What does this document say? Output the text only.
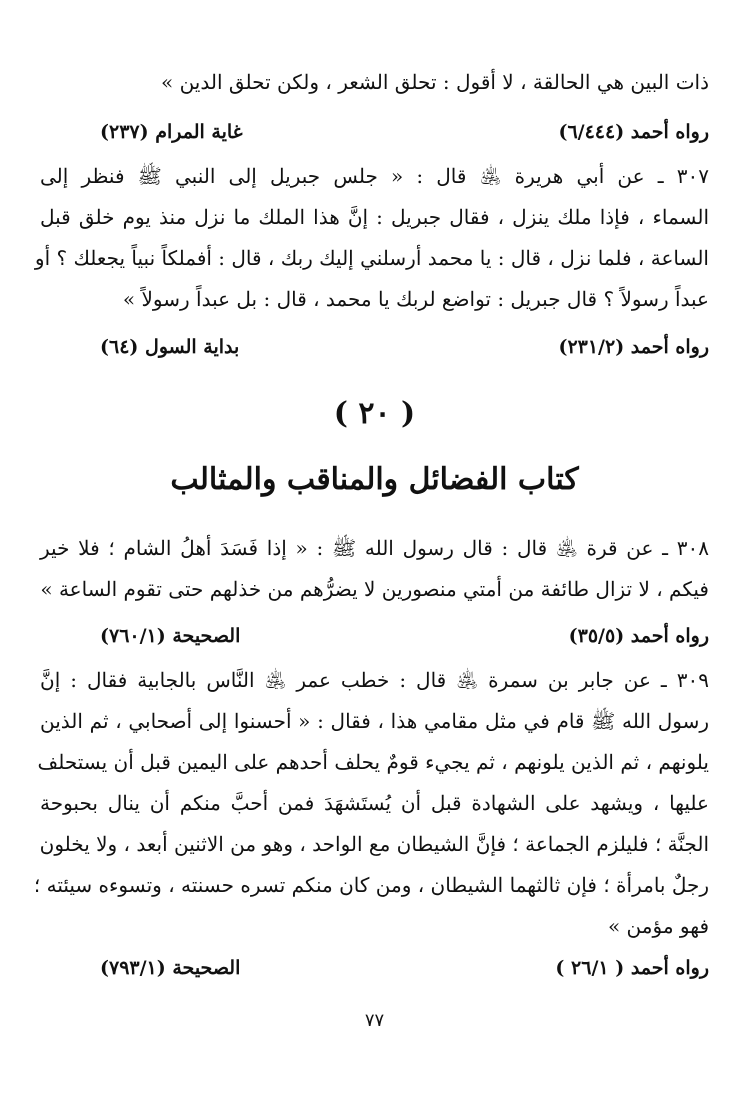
ذات البين هي الحالقة ، لا أقول : تحلق الشعر ، ولكن تحلق الدين »
رواه أحمد (٦/٤٤٤)
غاية المرام (٢٣٧)
٣٠٧ ـ عن أبي هريرة ﵁ قال : « جلس جبريل إلى النبي ﷺ فنظر إلى
السماء ، فإذا ملك ينزل ، فقال جبريل : إنَّ هذا الملك ما نزل منذ يوم خلق قبل
الساعة ، فلما نزل ، قال : يا محمد أرسلني إليك ربك ، قال : أفملكاً نبياً يجعلك ؟ أو
عبداً رسولاً ؟ قال جبريل : تواضع لربك يا محمد ، قال : بل عبداً رسولاً »
رواه أحمد (٢٣١/٢)
بداية السول (٦٤)
( ٢٠ )
كتاب الفضائل والمناقب والمثالب
٣٠٨ ـ عن قرة ﵁ قال : قال رسول الله ﷺ : « إذا فَسَدَ أهلُ الشام ؛ فلا خير
فيكم ، لا تزال طائفة من أمتي منصورين لا يضرُّهم من خذلهم حتى تقوم الساعة »
رواه أحمد (٣٥/٥)
الصحيحة (٧٦٠/١)
٣٠٩ ـ عن جابر بن سمرة ﵁ قال : خطب عمر ﵁ النَّاس بالجابية فقال : إنَّ
رسول الله ﷺ قام في مثل مقامي هذا ، فقال : « أحسنوا إلى أصحابي ، ثم الذين
يلونهم ، ثم الذين يلونهم ، ثم يجيء قومٌ يحلف أحدهم على اليمين قبل أن يستحلف
عليها ، ويشهد على الشهادة قبل أن يُستَشهَدَ فمن أحبَّ منكم أن ينال بحبوحة
الجنَّة ؛ فليلزم الجماعة ؛ فإنَّ الشيطان مع الواحد ، وهو من الاثنين أبعد ، ولا يخلون
رجلٌ بامرأة ؛ فإن ثالثهما الشيطان ، ومن كان منكم تسره حسنته ، وتسوءه سيئته ؛
فهو مؤمن »
رواه أحمد ( ٢٦/١ )
الصحيحة (٧٩٣/١)
٧٧
